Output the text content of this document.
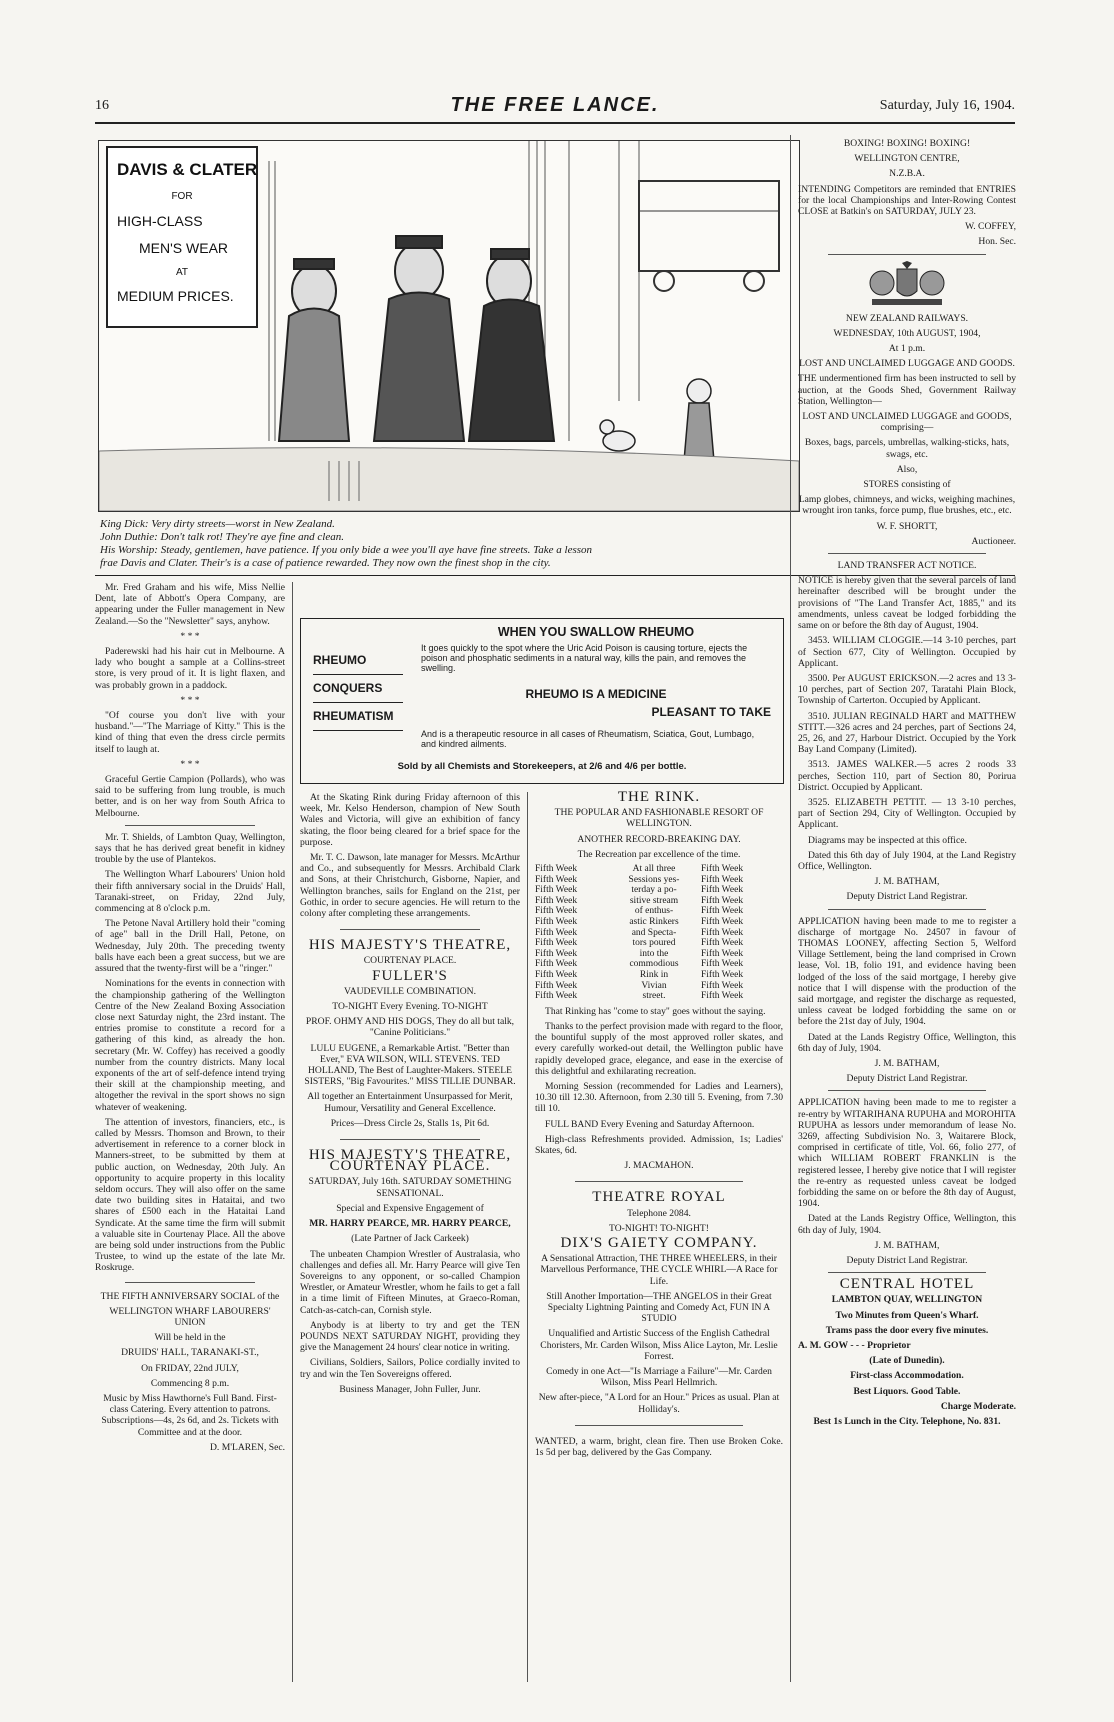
16	THE FREE LANCE.	Saturday, July 16, 1904.
DAVIS & CLATER
FOR
HIGH-CLASS
MEN'S WEAR
AT
MEDIUM PRICES.

King Dick: Very dirty streets—worst in New Zealand.

John Duthie: Don't talk rot! They're aye fine and clean.

His Worship: Steady, gentlemen, have patience. If you only bide a wee you'll aye have fine streets. Take a lesson

frae Davis and Clater. Their's is a case of patience rewarded. They now own the finest shop in the city.

Mr. Fred Graham and his wife, Miss Nellie Dent, late of Abbott's Opera Company, are appearing under the Fuller management in New Zealand.—So the "Newsletter" says, anyhow.

* * *

Paderewski had his hair cut in Melbourne. A lady who bought a sample at a Collins-street store, is very proud of it. It is light flaxen, and was probably grown in a paddock.

* * *

"Of course you don't live with your husband."—"The Marriage of Kitty." This is the kind of thing that even the dress circle permits itself to laugh at.

* * *

Graceful Gertie Campion (Pollards), who was said to be suffering from lung trouble, is much better, and is on her way from South Africa to Melbourne.

Mr. T. Shields, of Lambton Quay, Wellington, says that he has derived great benefit in kidney trouble by the use of Plantekos.

The Wellington Wharf Labourers' Union hold their fifth anniversary social in the Druids' Hall, Taranaki-street, on Friday, 22nd July, commencing at 8 o'clock p.m.

The Petone Naval Artillery hold their "coming of age" ball in the Drill Hall, Petone, on Wednesday, July 20th. The preceding twenty balls have each been a great success, but we are assured that the twenty-first will be a "ringer."

Nominations for the events in connection with the championship gathering of the Wellington Centre of the New Zealand Boxing Association close next Saturday night, the 23rd instant. The entries promise to constitute a record for a gathering of this kind, as already the hon. secretary (Mr. W. Coffey) has received a goodly number from the country districts. Many local exponents of the art of self-defence intend trying their skill at the championship meeting, and altogether the revival in the sport shows no sign whatever of weakening.

The attention of investors, financiers, etc., is called by Messrs. Thomson and Brown, to their advertisement in reference to a corner block in Manners-street, to be submitted by them at public auction, on Wednesday, 20th July. An opportunity to acquire property in this locality seldom occurs. They will also offer on the same date two building sites in Hataitai, and two shares of £500 each in the Hataitai Land Syndicate. At the same time the firm will submit a valuable site in Courtenay Place. All the above are being sold under instructions from the Public Trustee, to wind up the estate of the late Mr. Roskruge.

THE FIFTH ANNIVERSARY SOCIAL of the

WELLINGTON WHARF LABOURERS' UNION

Will be held in the

DRUIDS' HALL, TARANAKI-ST.,

On FRIDAY, 22nd JULY,

Commencing 8 p.m.

Music by Miss Hawthorne's Full Band. First-class Catering. Every attention to patrons. Subscriptions—4s, 2s 6d, and 2s. Tickets with Committee and at the door.

D. M'LAREN, Sec.

RHEUMO
CONQUERS
RHEUMATISM
WHEN YOU SWALLOW RHEUMO
It goes quickly to the spot where the Uric Acid Poison is causing torture, ejects the poison and phosphatic sediments in a natural way, kills the pain, and removes the swelling.
RHEUMO IS A MEDICINE
PLEASANT TO TAKE
And is a therapeutic resource in all cases of Rheumatism, Sciatica, Gout, Lumbago, and kindred ailments.
Sold by all Chemists and Storekeepers, at 2/6 and 4/6 per bottle.

At the Skating Rink during Friday afternoon of this week, Mr. Kelso Henderson, champion of New South Wales and Victoria, will give an exhibition of fancy skating, the floor being cleared for a brief space for the purpose.

Mr. T. C. Dawson, late manager for Messrs. McArthur and Co., and subsequently for Messrs. Archibald Clark and Sons, at their Christchurch, Gisborne, Napier, and Wellington branches, sails for England on the 21st, per Gothic, in order to secure agencies. He will return to the colony after completing these arrangements.

HIS MAJESTY'S THEATRE,

COURTENAY PLACE.

FULLER'S

VAUDEVILLE COMBINATION.

TO-NIGHT Every Evening. TO-NIGHT

PROF. OHMY AND HIS DOGS, They do all but talk, "Canine Politicians."

LULU EUGENE, a Remarkable Artist. "Better than Ever," EVA WILSON, WILL STEVENS. TED HOLLAND, The Best of Laughter-Makers. STEELE SISTERS, "Big Favourites." MISS TILLIE DUNBAR.

All together an Entertainment Unsurpassed for Merit, Humour, Versatility and General Excellence.

Prices—Dress Circle 2s, Stalls 1s, Pit 6d.

HIS MAJESTY'S THEATRE, COURTENAY PLACE.

SATURDAY, July 16th. SATURDAY SOMETHING SENSATIONAL.

Special and Expensive Engagement of

MR. HARRY PEARCE, MR. HARRY PEARCE,

(Late Partner of Jack Carkeek)

The unbeaten Champion Wrestler of Australasia, who challenges and defies all. Mr. Harry Pearce will give Ten Sovereigns to any opponent, or so-called Champion Wrestler, or Amateur Wrestler, whom he fails to get a fall in a time limit of Fifteen Minutes, at Graeco-Roman, Catch-as-catch-can, Cornish style.

Anybody is at liberty to try and get the TEN POUNDS NEXT SATURDAY NIGHT, providing they give the Management 24 hours' clear notice in writing.

Civilians, Soldiers, Sailors, Police cordially invited to try and win the Ten Sovereigns offered.

Business Manager, John Fuller, Junr.

THE RINK.

THE POPULAR AND FASHIONABLE RESORT OF WELLINGTON.

ANOTHER RECORD-BREAKING DAY.

The Recreation par excellence of the time.

Fifth Week	At all three	Fifth Week
Fifth Week	Sessions yes-	Fifth Week
Fifth Week	terday a po-	Fifth Week
Fifth Week	sitive stream	Fifth Week
Fifth Week	of enthus-	Fifth Week
Fifth Week	astic Rinkers	Fifth Week
Fifth Week	and Specta-	Fifth Week
Fifth Week	tors poured	Fifth Week
Fifth Week	into the	Fifth Week
Fifth Week	commodious	Fifth Week
Fifth Week	Rink in	Fifth Week
Fifth Week	Vivian	Fifth Week
Fifth Week	street.	Fifth Week

That Rinking has "come to stay" goes without the saying.

Thanks to the perfect provision made with regard to the floor, the bountiful supply of the most approved roller skates, and every carefully worked-out detail, the Wellington public have rapidly developed grace, elegance, and ease in the exercise of this delightful and exhilarating recreation.

Morning Session (recommended for Ladies and Learners), 10.30 till 12.30. Afternoon, from 2.30 till 5. Evening, from 7.30 till 10.

FULL BAND Every Evening and Saturday Afternoon.

High-class Refreshments provided. Admission, 1s; Ladies' Skates, 6d.

J. MACMAHON.

THEATRE ROYAL

Telephone 2084.

TO-NIGHT! TO-NIGHT!

DIX'S GAIETY COMPANY.

A Sensational Attraction, THE THREE WHEELERS, in their Marvellous Performance, THE CYCLE WHIRL—A Race for Life.

Still Another Importation—THE ANGELOS in their Great Specialty Lightning Painting and Comedy Act, FUN IN A STUDIO

Unqualified and Artistic Success of the English Cathedral Choristers, Mr. Carden Wilson, Miss Alice Layton, Mr. Leslie Forrest.

Comedy in one Act—"Is Marriage a Failure"—Mr. Carden Wilson, Miss Pearl Hellmrich.

New after-piece, "A Lord for an Hour." Prices as usual. Plan at Holliday's.

WANTED, a warm, bright, clean fire. Then use Broken Coke. 1s 5d per bag, delivered by the Gas Company.

BOXING! BOXING! BOXING!

WELLINGTON CENTRE,

N.Z.B.A.

INTENDING Competitors are reminded that ENTRIES for the local Championships and Inter-Rowing Contest CLOSE at Batkin's on SATURDAY, JULY 23.

W. COFFEY,

Hon. Sec.

NEW ZEALAND RAILWAYS.

WEDNESDAY, 10th AUGUST, 1904,

At 1 p.m.

LOST AND UNCLAIMED LUGGAGE AND GOODS.

THE undermentioned firm has been instructed to sell by auction, at the Goods Shed, Government Railway Station, Wellington—

LOST AND UNCLAIMED LUGGAGE and GOODS, comprising—

Boxes, bags, parcels, umbrellas, walking-sticks, hats, swags, etc.

Also,

STORES consisting of

Lamp globes, chimneys, and wicks, weighing machines, wrought iron tanks, force pump, flue brushes, etc., etc.

W. F. SHORTT,

Auctioneer.

LAND TRANSFER ACT NOTICE.

NOTICE is hereby given that the several parcels of land hereinafter described will be brought under the provisions of "The Land Transfer Act, 1885," and its amendments, unless caveat be lodged forbidding the same on or before the 8th day of August, 1904.

3453. WILLIAM CLOGGIE.—14 3-10 perches, part of Section 677, City of Wellington. Occupied by Applicant.

3500. Per AUGUST ERICKSON.—2 acres and 13 3-10 perches, part of Section 207, Taratahi Plain Block, Township of Carterton. Occupied by Applicant.

3510. JULIAN REGINALD HART and MATTHEW STITT.—326 acres and 24 perches, part of Sections 24, 25, 26, and 27, Harbour District. Occupied by the York Bay Land Company (Limited).

3513. JAMES WALKER.—5 acres 2 roods 33 perches, Section 110, part of Section 80, Porirua District. Occupied by Applicant.

3525. ELIZABETH PETTIT. — 13 3-10 perches, part of Section 294, City of Wellington. Occupied by Applicant.

Diagrams may be inspected at this office.

Dated this 6th day of July 1904, at the Land Registry Office, Wellington.

J. M. BATHAM,

Deputy District Land Registrar.

APPLICATION having been made to me to register a discharge of mortgage No. 24507 in favour of THOMAS LOONEY, affecting Section 5, Welford Village Settlement, being the land comprised in Crown lease, Vol. 1B, folio 191, and evidence having been lodged of the loss of the said mortgage, I hereby give notice that I will dispense with the production of the said mortgage, and register the discharge as requested, unless caveat be lodged forbidding the same on or before the 21st day of July, 1904.

Dated at the Lands Registry Office, Wellington, this 6th day of July, 1904.

J. M. BATHAM,

Deputy District Land Registrar.

APPLICATION having been made to me to register a re-entry by WITARIHANA RUPUHA and MOROHITA RUPUHA as lessors under memorandum of lease No. 3269, affecting Subdivision No. 3, Waitarere Block, comprised in certificate of title, Vol. 66, folio 277, of which WILLIAM ROBERT FRANKLIN is the registered lessee, I hereby give notice that I will register the re-entry as requested unless caveat be lodged forbidding the same on or before the 8th day of August, 1904.

Dated at the Lands Registry Office, Wellington, this 6th day of July, 1904.

J. M. BATHAM,

Deputy District Land Registrar.

CENTRAL HOTEL

LAMBTON QUAY, WELLINGTON

Two Minutes from Queen's Wharf.

Trams pass the door every five minutes.

A. M. GOW - - - Proprietor

(Late of Dunedin).

First-class Accommodation.

Best Liquors. Good Table.

Charge Moderate.

Best 1s Lunch in the City. Telephone, No. 831.
